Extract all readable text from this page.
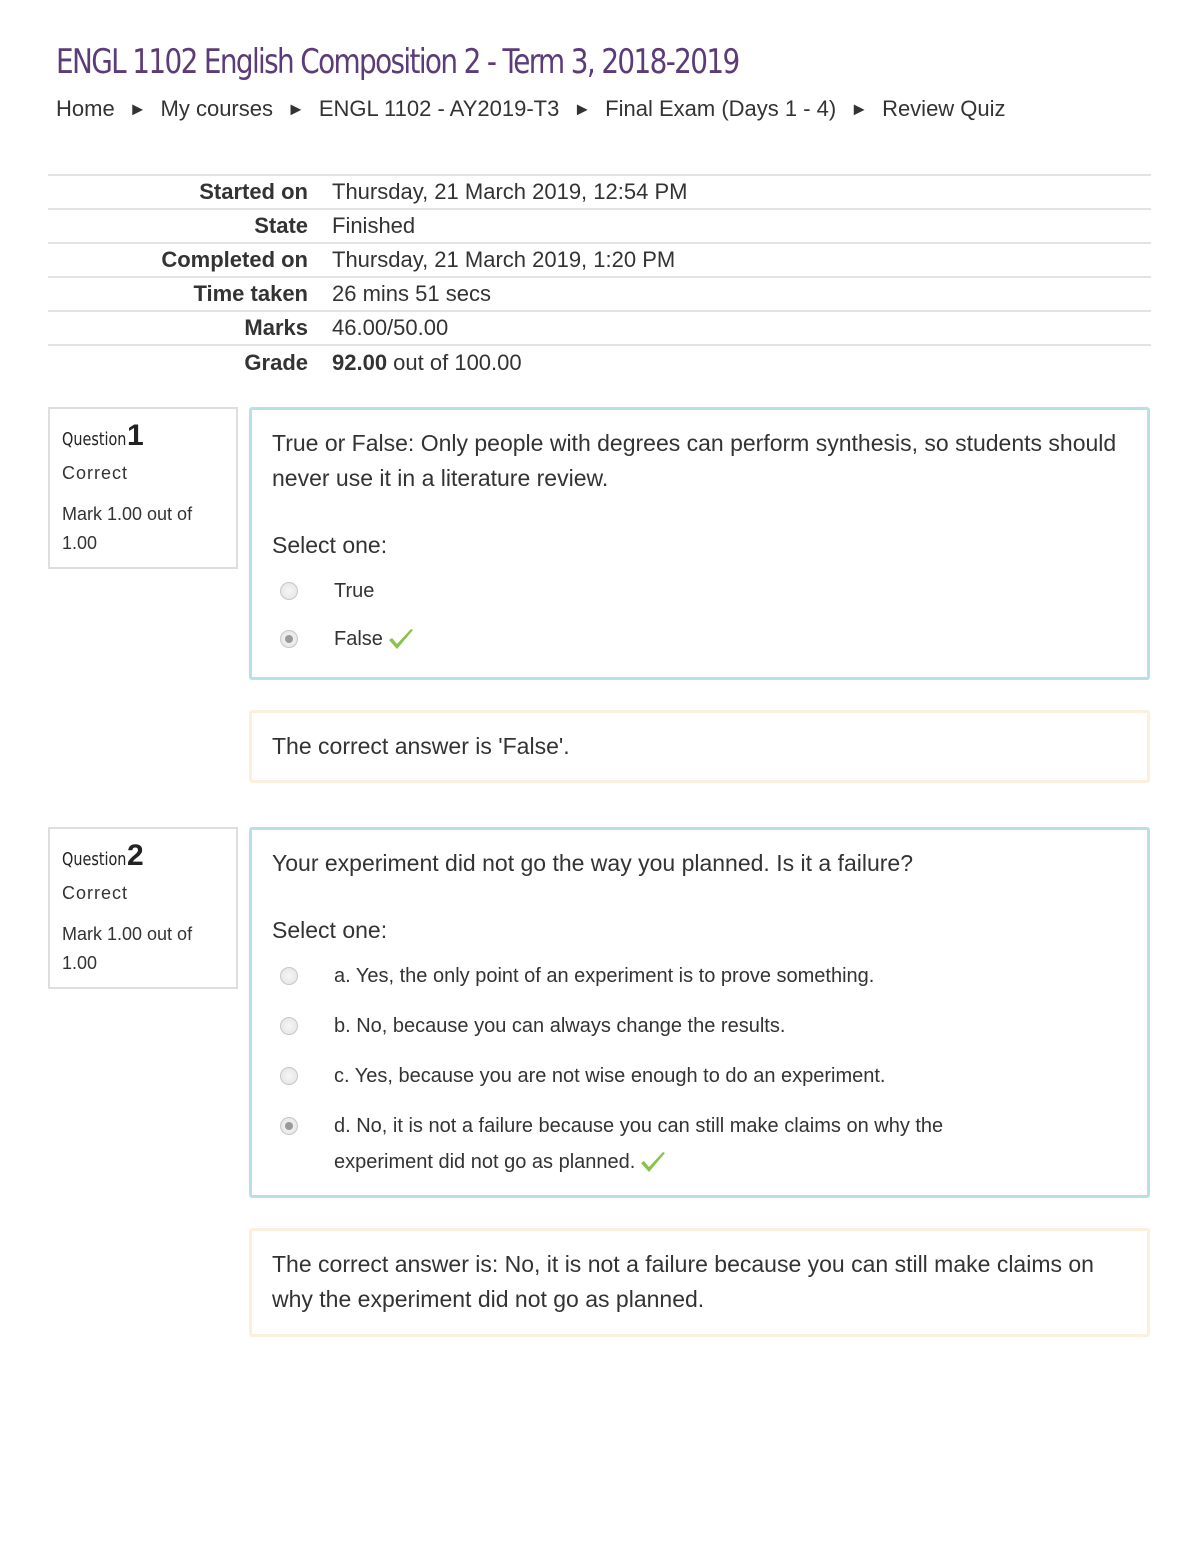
ENGL 1102 English Composition 2 - Term 3, 2018-2019
Home ► My courses ► ENGL 1102 - AY2019-T3 ► Final Exam (Days 1 - 4) ► Review Quiz
Started on	Thursday, 21 March 2019, 12:54 PM
State	Finished
Completed on	Thursday, 21 March 2019, 1:20 PM
Time taken	26 mins 51 secs
Marks	46.00/50.00
Grade	92.00 out of 100.00
Question 1
Correct
Mark 1.00 out of 1.00

True or False: Only people with degrees can perform synthesis, so students should never use it in a literature review.

Select one:
True
False
The correct answer is 'False'.
Question 2
Correct
Mark 1.00 out of 1.00

Your experiment did not go the way you planned. Is it a failure?

Select one:
a. Yes, the only point of an experiment is to prove something.
b. No, because you can always change the results.
c. Yes, because you are not wise enough to do an experiment.
d. No, it is not a failure because you can still make claims on why the experiment did not go as planned.
The correct answer is: No, it is not a failure because you can still make claims on why the experiment did not go as planned.
